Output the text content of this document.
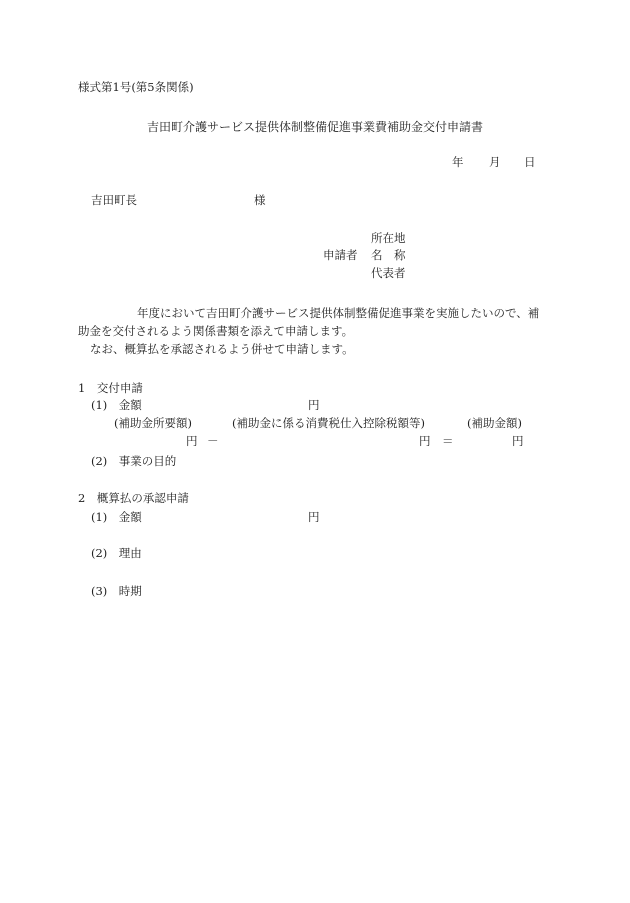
様式第1号(第5条関係)
吉田町介護サービス提供体制整備促進事業費補助金交付申請書
年 月 日
吉田町長	様
所在地
申請者 名　称
代表者
年度において吉田町介護サービス提供体制整備促進事業を実施したいので、補
助金を交付されるよう関係書類を添えて申請します。
なお、概算払を承認されるよう併せて申請します。
1　交付申請
(1)　金額	円
(補助金所要額)	(補助金に係る消費税仕入控除税額等)	(補助金額)
円 －	円 ＝	円
(2)　事業の目的
2　概算払の承認申請
(1)　金額	円
(2)　理由
(3)　時期
